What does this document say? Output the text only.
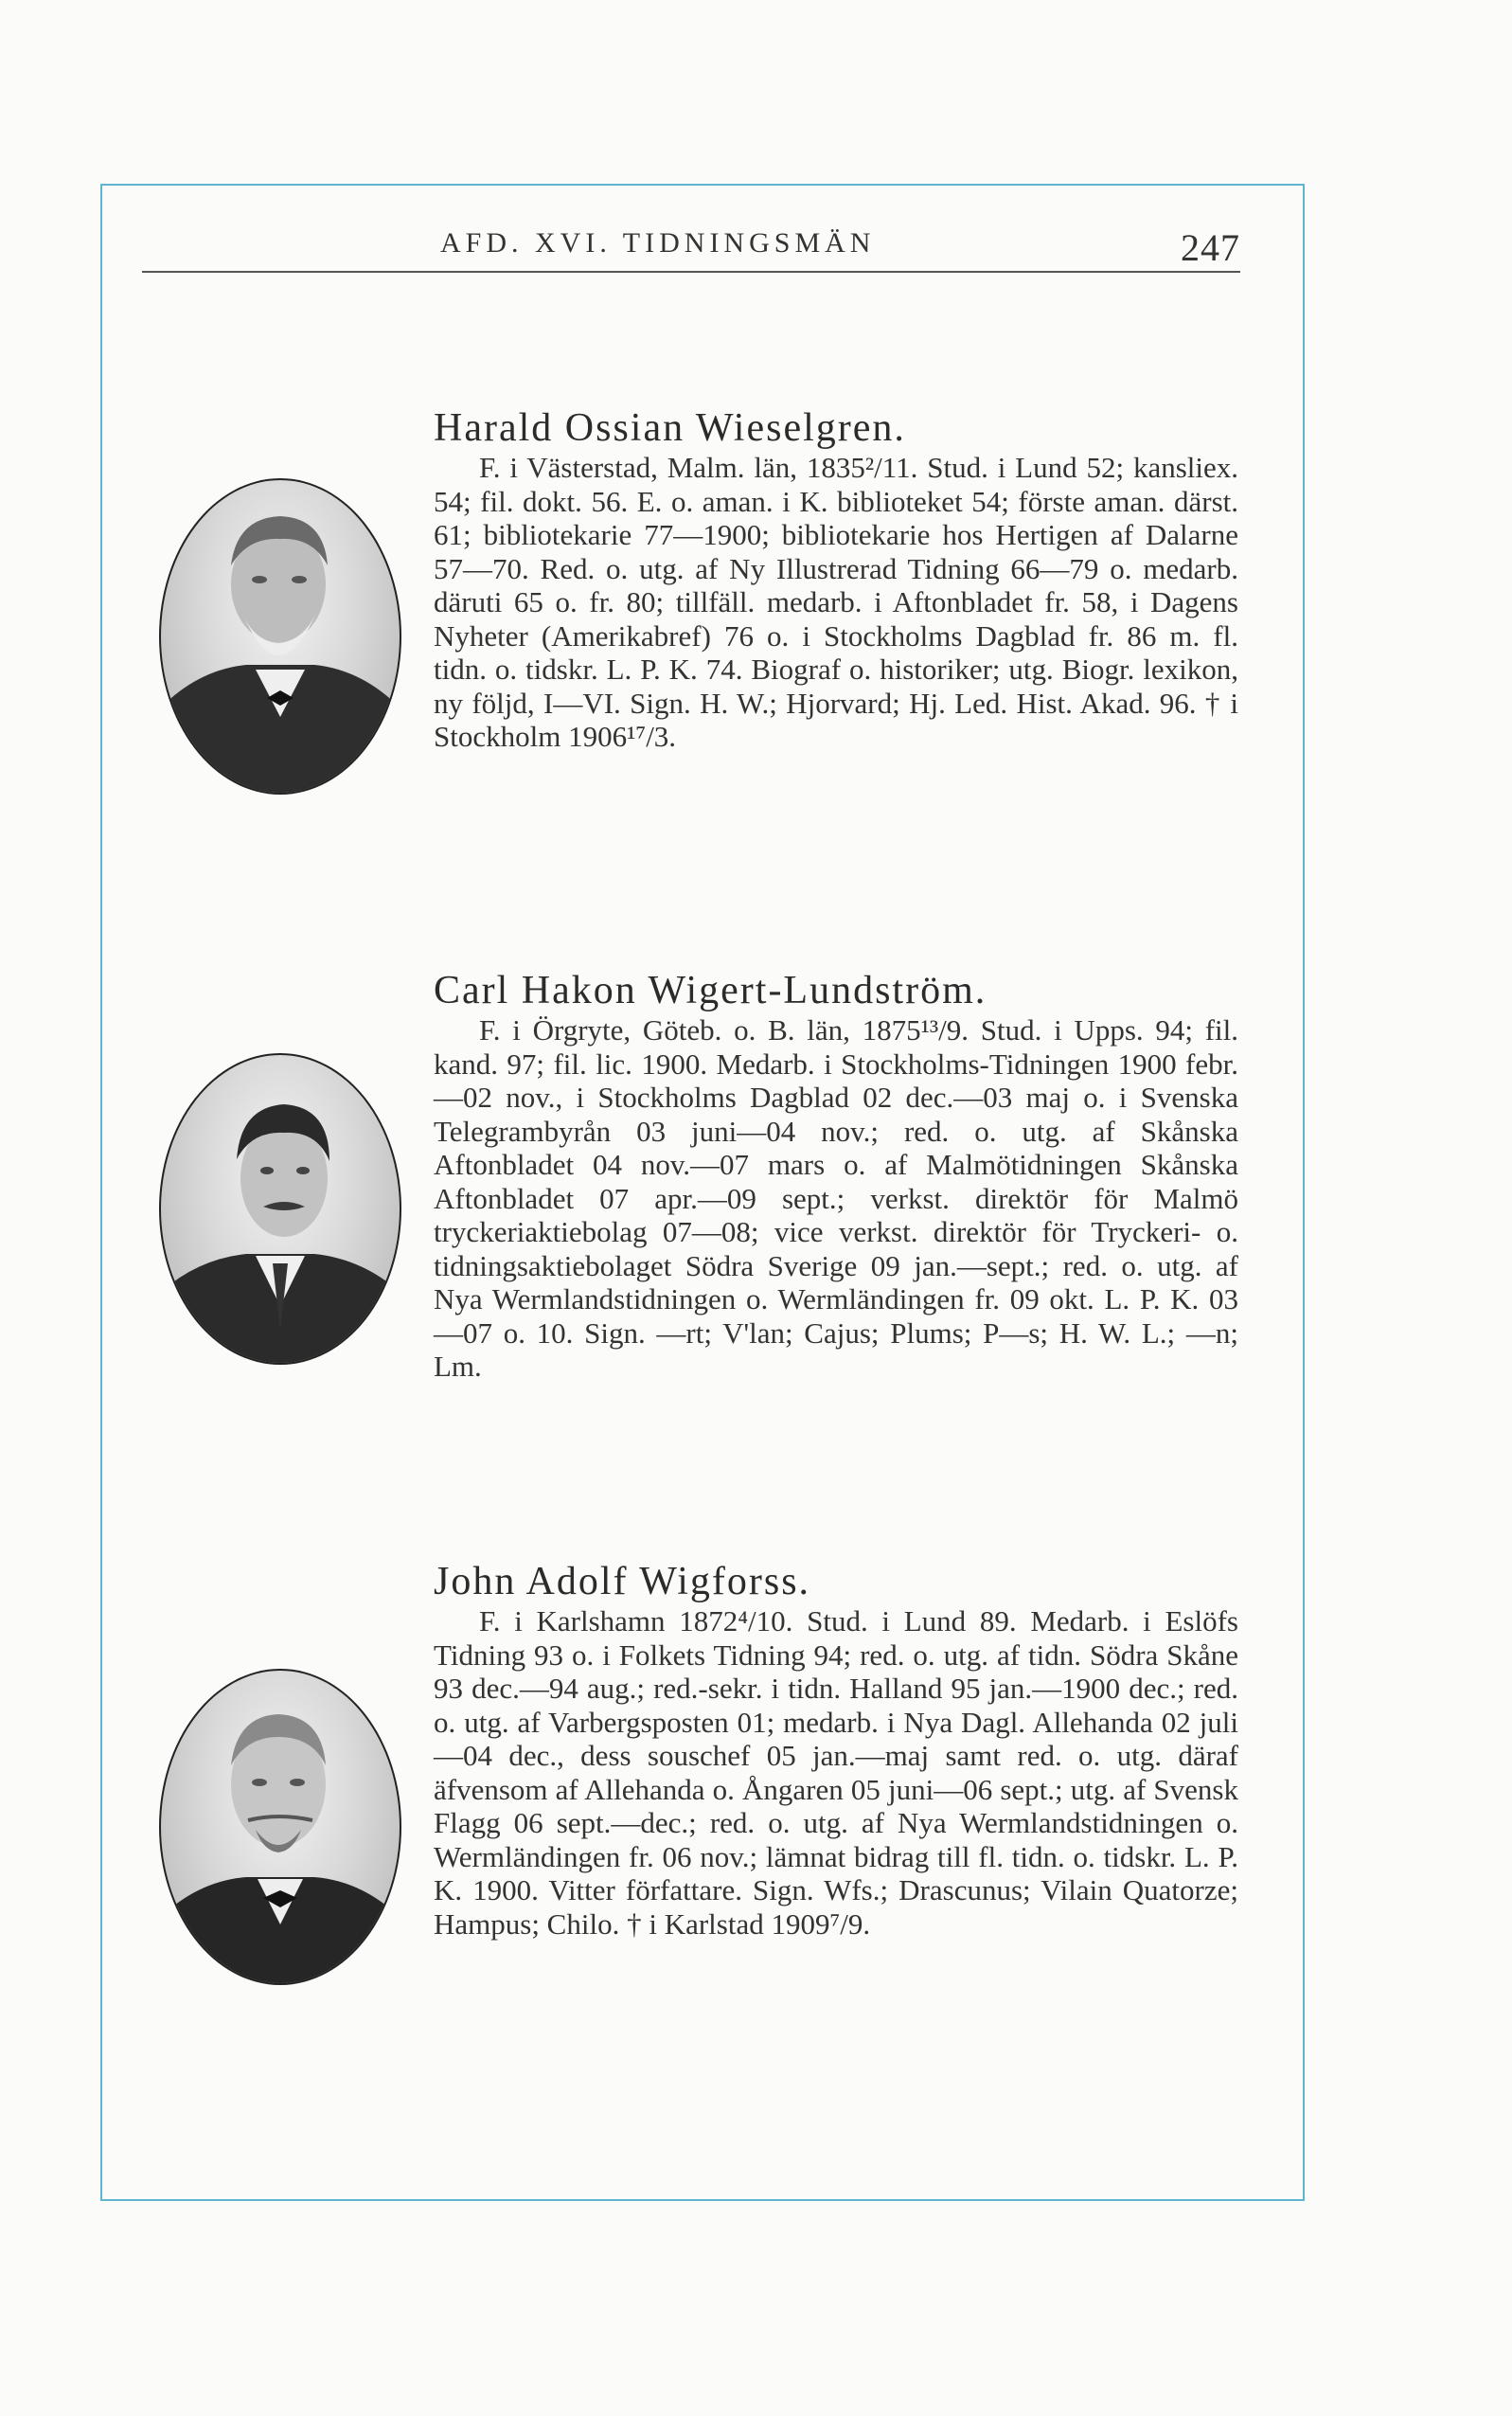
AFD. XVI. TIDNINGSMÄN	247
Harald Ossian Wieselgren.
F. i Västerstad, Malm. län, 1835²/11. Stud. i Lund 52; kansliex. 54; fil. dokt. 56. E. o. aman. i K. biblioteket 54; förste aman. därst. 61; bibliotekarie 77—1900; bibliotekarie hos Hertigen af Dalarne 57—70. Red. o. utg. af Ny Illustrerad Tidning 66—79 o. medarb. däruti 65 o. fr. 80; tillfäll. medarb. i Aftonbladet fr. 58, i Dagens Nyheter (Amerikabref) 76 o. i Stockholms Dagblad fr. 86 m. fl. tidn. o. tidskr. L. P. K. 74. Biograf o. historiker; utg. Biogr. lexikon, ny följd, I—VI. Sign. H. W.; Hjorvard; Hj. Led. Hist. Akad. 96. † i Stockholm 1906¹⁷/3.
Carl Hakon Wigert-Lundström.
F. i Örgryte, Göteb. o. B. län, 1875¹³/9. Stud. i Upps. 94; fil. kand. 97; fil. lic. 1900. Medarb. i Stockholms-Tidningen 1900 febr.—02 nov., i Stockholms Dagblad 02 dec.—03 maj o. i Svenska Telegrambyrån 03 juni—04 nov.; red. o. utg. af Skånska Aftonbladet 04 nov.—07 mars o. af Malmötidningen Skånska Aftonbladet 07 apr.—09 sept.; verkst. direktör för Malmö tryckeriaktiebolag 07—08; vice verkst. direktör för Tryckeri- o. tidningsaktiebolaget Södra Sverige 09 jan.—sept.; red. o. utg. af Nya Wermlandstidningen o. Wermländingen fr. 09 okt. L. P. K. 03—07 o. 10. Sign. —rt; V'lan; Cajus; Plums; P—s; H. W. L.; —n; Lm.
John Adolf Wigforss.
F. i Karlshamn 1872⁴/10. Stud. i Lund 89. Medarb. i Eslöfs Tidning 93 o. i Folkets Tidning 94; red. o. utg. af tidn. Södra Skåne 93 dec.—94 aug.; red.-sekr. i tidn. Halland 95 jan.—1900 dec.; red. o. utg. af Varbergsposten 01; medarb. i Nya Dagl. Allehanda 02 juli—04 dec., dess souschef 05 jan.—maj samt red. o. utg. däraf äfvensom af Allehanda o. Ångaren 05 juni—06 sept.; utg. af Svensk Flagg 06 sept.—dec.; red. o. utg. af Nya Wermlandstidningen o. Wermländingen fr. 06 nov.; lämnat bidrag till fl. tidn. o. tidskr. L. P. K. 1900. Vitter författare. Sign. Wfs.; Drascunus; Vilain Quatorze; Hampus; Chilo. † i Karlstad 1909⁷/9.
